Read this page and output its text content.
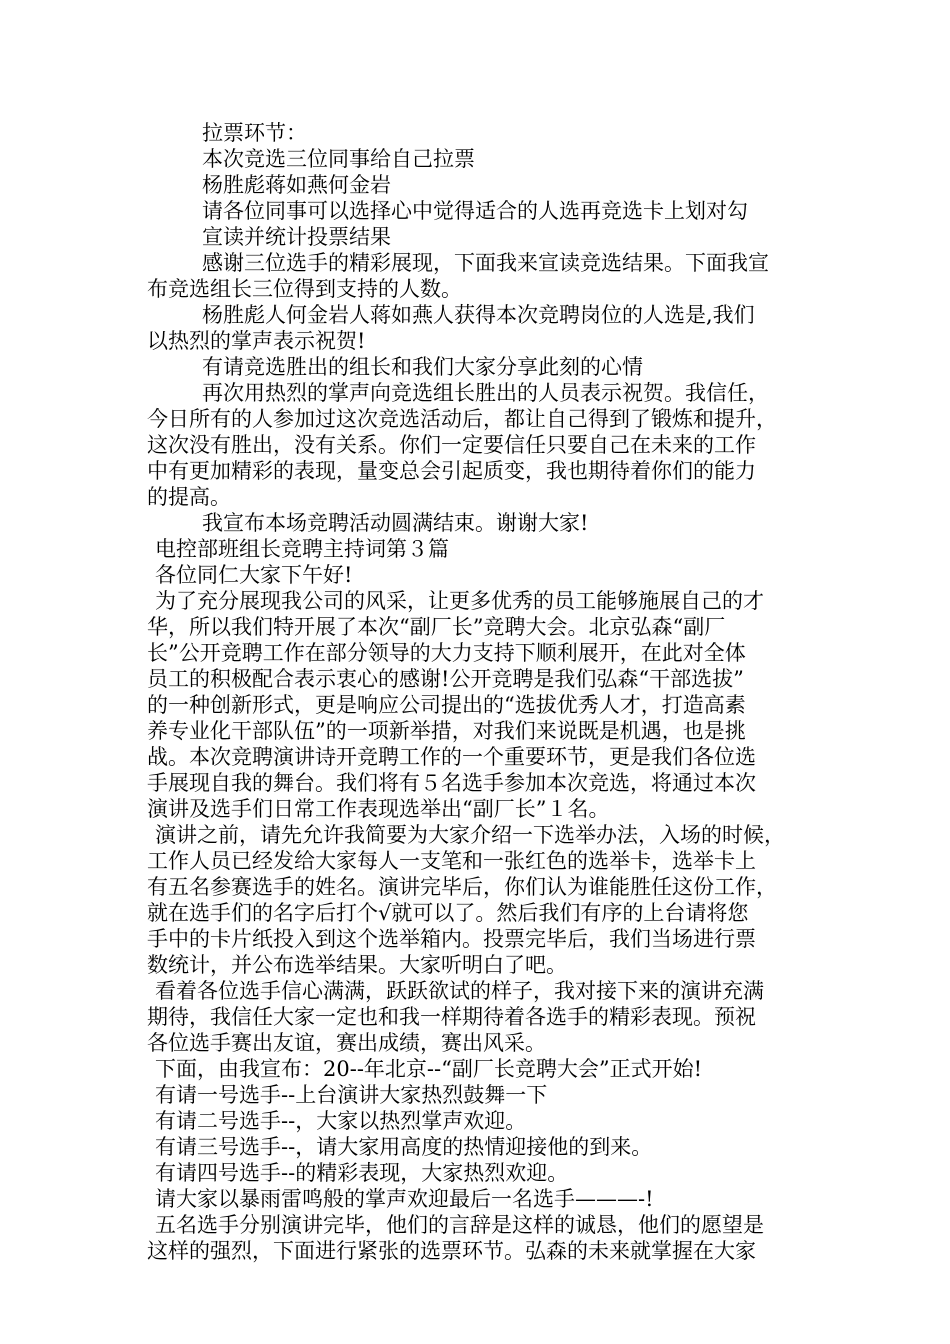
拉票环节：
本次竞选三位同事给自己拉票
杨胜彪蒋如燕何金岩
请各位同事可以选择心中觉得适合的人选再竞选卡上划对勾
宣读并统计投票结果
感谢三位选手的精彩展现，下面我来宣读竞选结果。下面我宣
布竞选组长三位得到支持的人数。
杨胜彪人何金岩人蒋如燕人获得本次竞聘岗位的人选是,我们
以热烈的掌声表示祝贺!
有请竞选胜出的组长和我们大家分享此刻的心情
再次用热烈的掌声向竞选组长胜出的人员表示祝贺。我信任，
今日所有的人参加过这次竞选活动后，都让自己得到了锻炼和提升，
这次没有胜出，没有关系。你们一定要信任只要自己在未来的工作
中有更加精彩的表现，量变总会引起质变，我也期待着你们的能力
的提高。
我宣布本场竞聘活动圆满结束。谢谢大家!
电控部班组长竞聘主持词第３篇
各位同仁大家下午好!
为了充分展现我公司的风采，让更多优秀的员工能够施展自己的才
华，所以我们特开展了本次“副厂长”竞聘大会。北京弘森“副厂
长”公开竞聘工作在部分领导的大力支持下顺利展开，在此对全体
员工的积极配合表示衷心的感谢!公开竞聘是我们弘森“干部选拔”
的一种创新形式，更是响应公司提出的“选拔优秀人才，打造高素
养专业化干部队伍”的一项新举措，对我们来说既是机遇，也是挑
战。本次竞聘演讲诗开竞聘工作的一个重要环节，更是我们各位选
手展现自我的舞台。我们将有５名选手参加本次竞选，将通过本次
演讲及选手们日常工作表现选举出“副厂长”１名。
演讲之前，请先允许我简要为大家介绍一下选举办法，入场的时候，
工作人员已经发给大家每人一支笔和一张红色的选举卡，选举卡上
有五名参赛选手的姓名。演讲完毕后，你们认为谁能胜任这份工作，
就在选手们的名字后打个√就可以了。然后我们有序的上台请将您
手中的卡片纸投入到这个选举箱内。投票完毕后，我们当场进行票
数统计，并公布选举结果。大家听明白了吧。
看着各位选手信心满满，跃跃欲试的样子，我对接下来的演讲充满
期待，我信任大家一定也和我一样期待着各选手的精彩表现。预祝
各位选手赛出友谊，赛出成绩，赛出风采。
下面，由我宣布：20--年北京--“副厂长竞聘大会”正式开始!
有请一号选手--上台演讲大家热烈鼓舞一下
有请二号选手--，大家以热烈掌声欢迎。
有请三号选手--，请大家用高度的热情迎接他的到来。
有请四号选手--的精彩表现，大家热烈欢迎。
请大家以暴雨雷鸣般的掌声欢迎最后一名选手———-!
五名选手分别演讲完毕，他们的言辞是这样的诚恳，他们的愿望是
这样的强烈，下面进行紧张的选票环节。弘森的未来就掌握在大家
